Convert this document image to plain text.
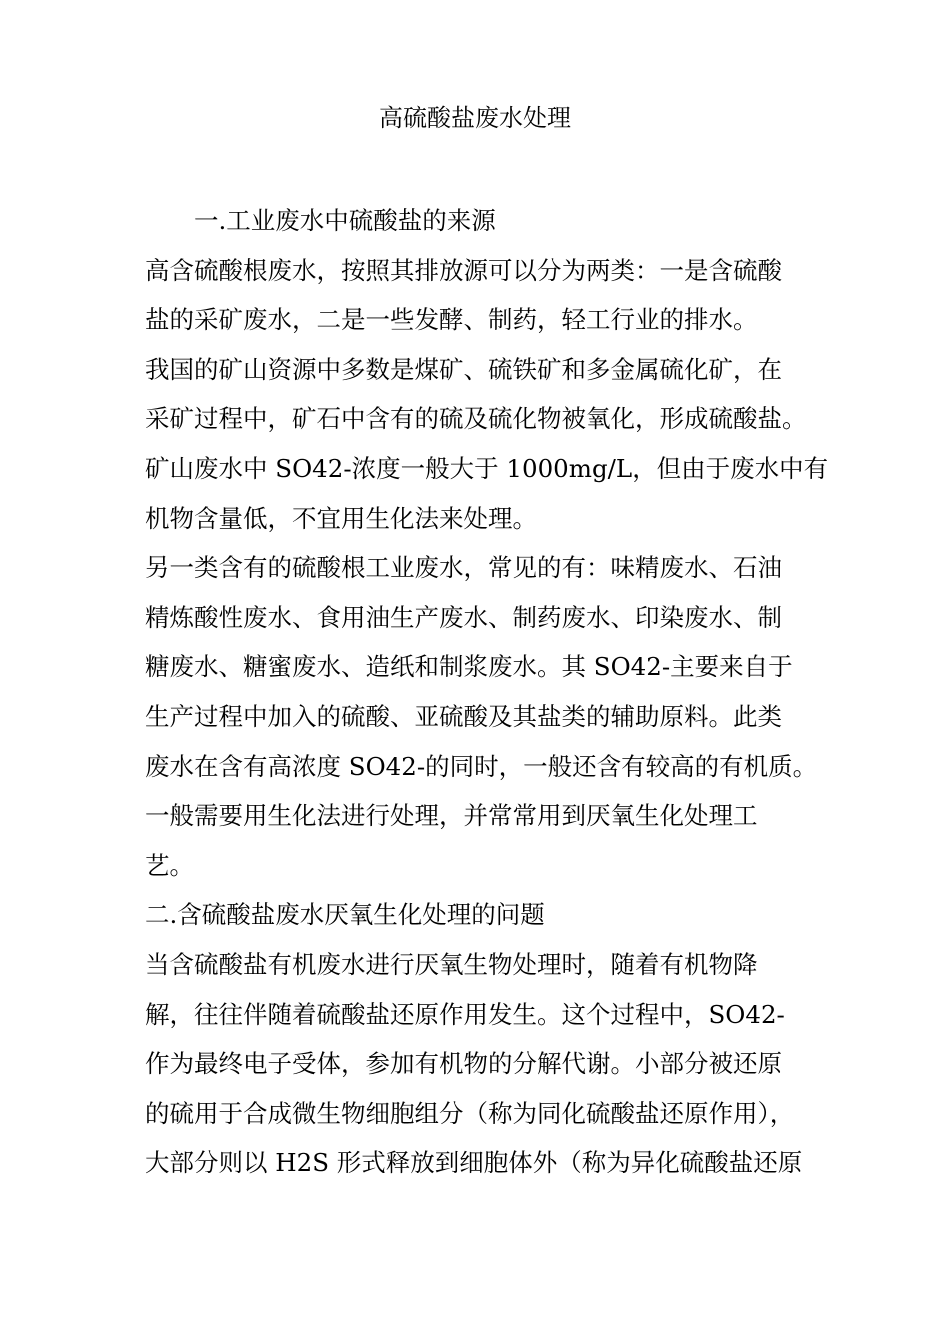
高硫酸盐废水处理
一.工业废水中硫酸盐的来源
高含硫酸根废水，按照其排放源可以分为两类：一是含硫酸
盐的采矿废水，二是一些发酵、制药，轻工行业的排水。
我国的矿山资源中多数是煤矿、硫铁矿和多金属硫化矿，在
采矿过程中，矿石中含有的硫及硫化物被氧化，形成硫酸盐。
矿山废水中 SO42-浓度一般大于 1000mg/L，但由于废水中有
机物含量低，不宜用生化法来处理。
另一类含有的硫酸根工业废水，常见的有：味精废水、石油
精炼酸性废水、食用油生产废水、制药废水、印染废水、制
糖废水、糖蜜废水、造纸和制浆废水。其 SO42-主要来自于
生产过程中加入的硫酸、亚硫酸及其盐类的辅助原料。此类
废水在含有高浓度 SO42-的同时，一般还含有较高的有机质。
一般需要用生化法进行处理，并常常用到厌氧生化处理工
艺。
二.含硫酸盐废水厌氧生化处理的问题
当含硫酸盐有机废水进行厌氧生物处理时，随着有机物降
解，往往伴随着硫酸盐还原作用发生。这个过程中，SO42-
作为最终电子受体，参加有机物的分解代谢。小部分被还原
的硫用于合成微生物细胞组分（称为同化硫酸盐还原作用），
大部分则以 H2S 形式释放到细胞体外（称为异化硫酸盐还原
